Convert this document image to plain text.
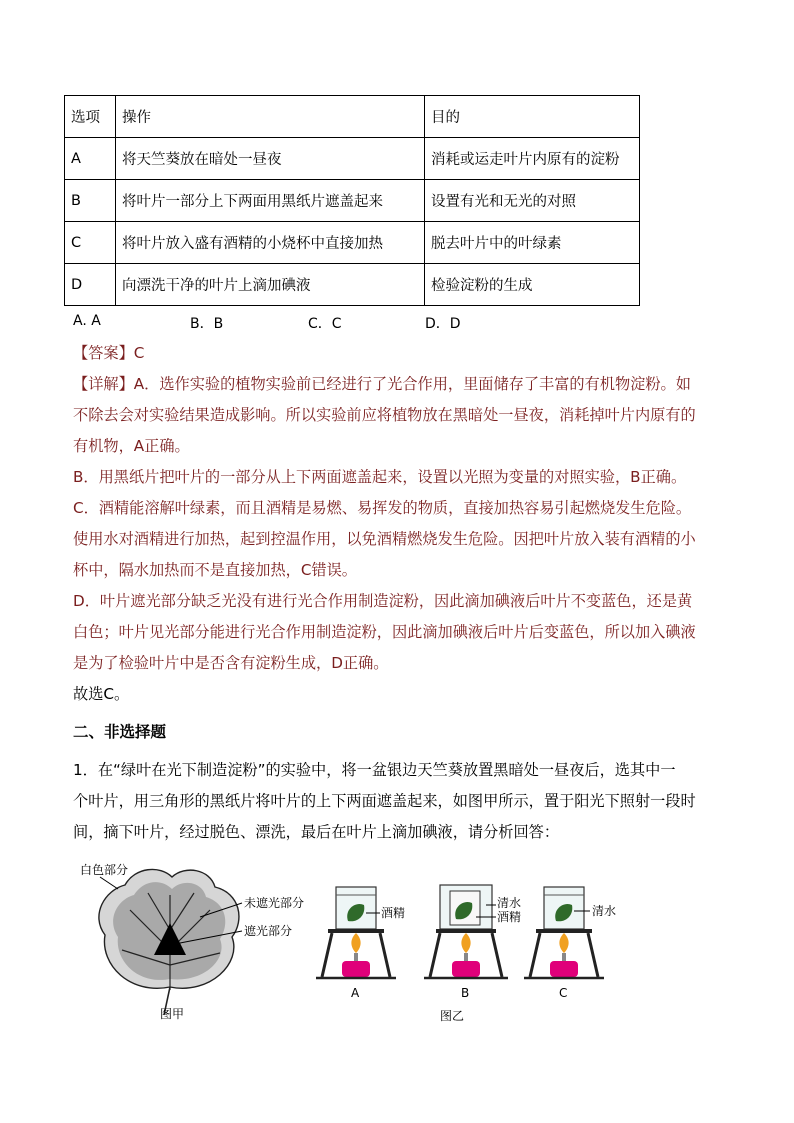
选项	操作	目的
A	将天竺葵放在暗处一昼夜	消耗或运走叶片内原有的淀粉
B	将叶片一部分上下两面用黑纸片遮盖起来	设置有光和无光的对照
C	将叶片放入盛有酒精的小烧杯中直接加热	脱去叶片中的叶绿素
D	向漂洗干净的叶片上滴加碘液	检验淀粉的生成
A. A	B．B	C．C	D．D
【答案】C
【详解】A．选作实验的植物实验前已经进行了光合作用，里面储存了丰富的有机物淀粉。如
不除去会对实验结果造成影响。所以实验前应将植物放在黑暗处一昼夜，消耗掉叶片内原有的
有机物，A正确。
B．用黑纸片把叶片的一部分从上下两面遮盖起来，设置以光照为变量的对照实验，B正确。
C．酒精能溶解叶绿素，而且酒精是易燃、易挥发的物质，直接加热容易引起燃烧发生危险。
使用水对酒精进行加热，起到控温作用，以免酒精燃烧发生危险。因把叶片放入装有酒精的小
杯中，隔水加热而不是直接加热，C错误。
D．叶片遮光部分缺乏光没有进行光合作用制造淀粉，因此滴加碘液后叶片不变蓝色，还是黄
白色；叶片见光部分能进行光合作用制造淀粉，因此滴加碘液后叶片后变蓝色，所以加入碘液
是为了检验叶片中是否含有淀粉生成，D正确。
故选C。
二、非选择题
1．在“绿叶在光下制造淀粉”的实验中，将一盆银边天竺葵放置黑暗处一昼夜后，选其中一
个叶片，用三角形的黑纸片将叶片的上下两面遮盖起来，如图甲所示，置于阳光下照射一段时
间，摘下叶片，经过脱色、漂洗，最后在叶片上滴加碘液，请分析回答：
白色部分
未遮光部分
遮光部分
图甲
酒精
A
清水
酒精
B
清水
C
图乙
